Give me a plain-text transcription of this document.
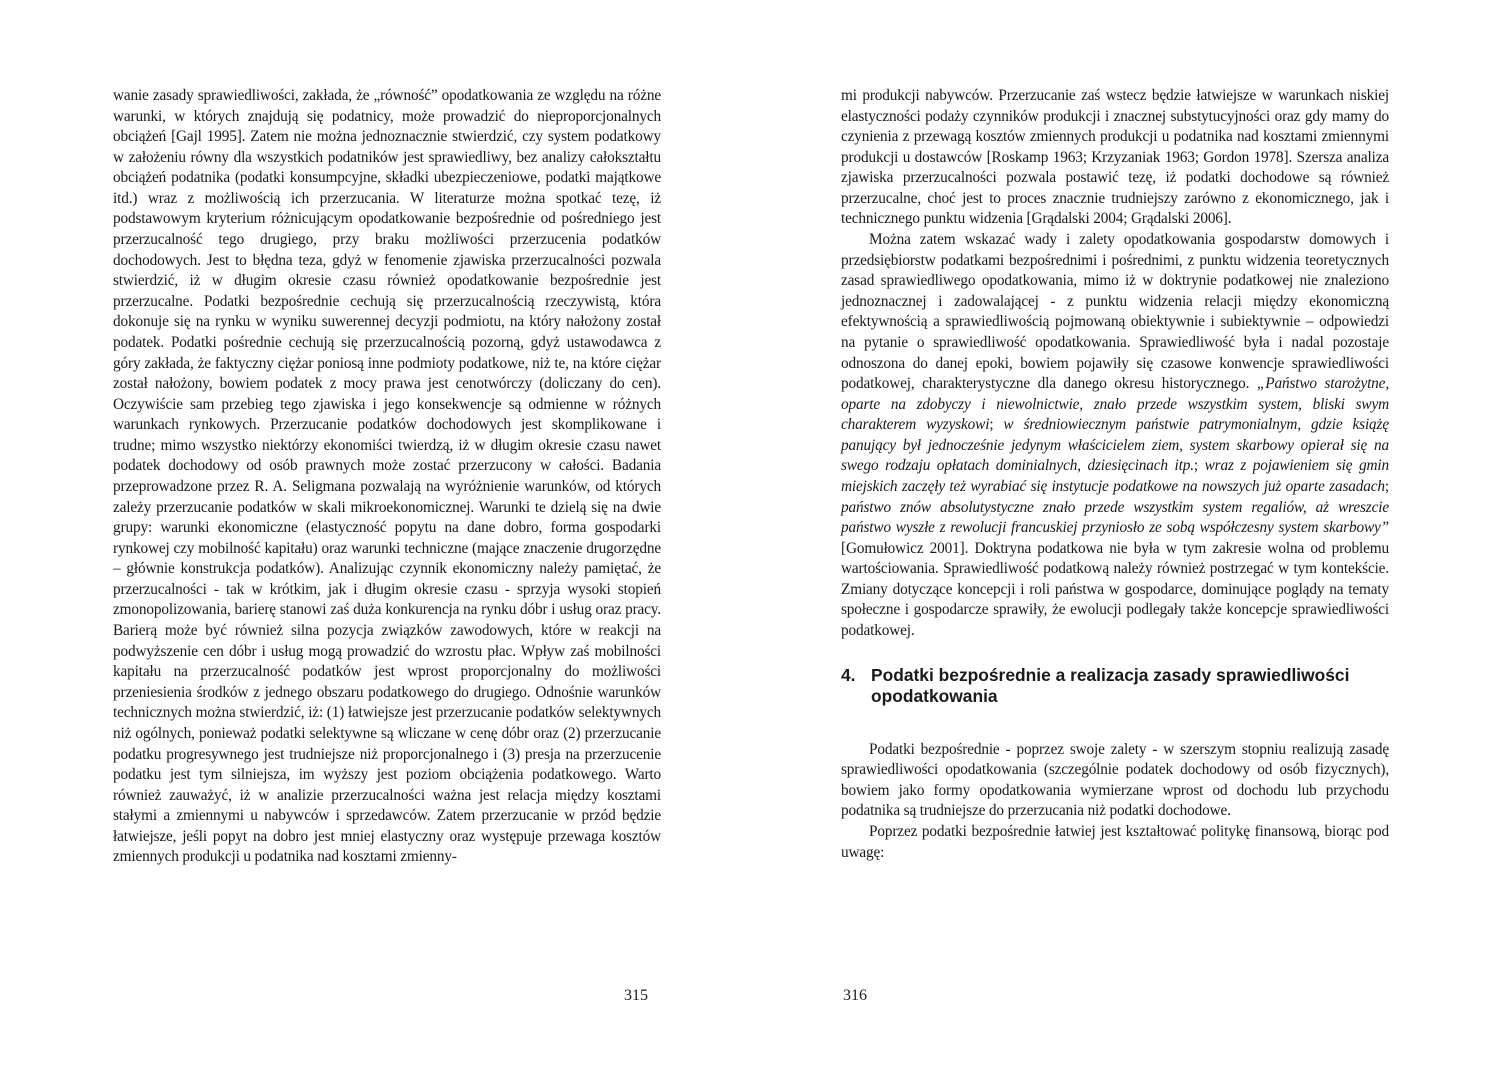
wanie zasady sprawiedliwości, zakłada, że „równość” opodatkowania ze względu na różne warunki, w których znajdują się podatnicy, może prowadzić do nieproporcjonalnych obciążeń [Gajl 1995]. Zatem nie można jednoznacznie stwierdzić, czy system podatkowy w założeniu równy dla wszystkich podatników jest sprawiedliwy, bez analizy całokształtu obciążeń podatnika (podatki konsumpcyjne, składki ubezpieczeniowe, podatki majątkowe itd.) wraz z możliwością ich przerzucania. W literaturze można spotkać tezę, iż podstawowym kryterium różnicującym opodatkowanie bezpośrednie od pośredniego jest przerzucalność tego drugiego, przy braku możliwości przerzucenia podatków dochodowych. Jest to błędna teza, gdyż w fenomenie zjawiska przerzucalności pozwala stwierdzić, iż w długim okresie czasu również opodatkowanie bezpośrednie jest przerzucalne. Podatki bezpośrednie cechują się przerzucalnością rzeczywistą, która dokonuje się na rynku w wyniku suwerennej decyzji podmiotu, na który nałożony został podatek. Podatki pośrednie cechują się przerzucalnością pozorną, gdyż ustawodawca z góry zakłada, że faktyczny ciężar poniosą inne podmioty podatkowe, niż te, na które ciężar został nałożony, bowiem podatek z mocy prawa jest cenotwórczy (doliczany do cen). Oczywiście sam przebieg tego zjawiska i jego konsekwencje są odmienne w różnych warunkach rynkowych. Przerzucanie podatków dochodowych jest skomplikowane i trudne; mimo wszystko niektórzy ekonomiści twierdzą, iż w długim okresie czasu nawet podatek dochodowy od osób prawnych może zostać przerzucony w całości. Badania przeprowadzone przez R. A. Seligmana pozwalają na wyróżnienie warunków, od których zależy przerzucanie podatków w skali mikroekonomicznej. Warunki te dzielą się na dwie grupy: warunki ekonomiczne (elastyczność popytu na dane dobro, forma gospodarki rynkowej czy mobilność kapitału) oraz warunki techniczne (mające znaczenie drugorzędne – głównie konstrukcja podatków). Analizując czynnik ekonomiczny należy pamiętać, że przerzucalności - tak w krótkim, jak i długim okresie czasu - sprzyja wysoki stopień zmonopolizowania, barierę stanowi zaś duża konkurencja na rynku dóbr i usług oraz pracy. Barierą może być również silna pozycja związków zawodowych, które w reakcji na podwyższenie cen dóbr i usług mogą prowadzić do wzrostu płac. Wpływ zaś mobilności kapitału na przerzucalność podatków jest wprost proporcjonalny do możliwości przeniesienia środków z jednego obszaru podatkowego do drugiego. Odnośnie warunków technicznych można stwierdzić, iż: (1) łatwiejsze jest przerzucanie podatków selektywnych niż ogólnych, ponieważ podatki selektywne są wliczane w cenę dóbr oraz (2) przerzucanie podatku progresywnego jest trudniejsze niż proporcjonalnego i (3) presja na przerzucenie podatku jest tym silniejsza, im wyższy jest poziom obciążenia podatkowego. Warto również zauważyć, iż w analizie przerzucalności ważna jest relacja między kosztami stałymi a zmiennymi u nabywców i sprzedawców. Zatem przerzucanie w przód będzie łatwiejsze, jeśli popyt na dobro jest mniej elastyczny oraz występuje przewaga kosztów zmiennych produkcji u podatnika nad kosztami zmienny-

315

mi produkcji nabywców. Przerzucanie zaś wstecz będzie łatwiejsze w warunkach niskiej elastyczności podaży czynników produkcji i znacznej substytucyjności oraz gdy mamy do czynienia z przewagą kosztów zmiennych produkcji u podatnika nad kosztami zmiennymi produkcji u dostawców [Roskamp 1963; Krzyzaniak 1963; Gordon 1978]. Szersza analiza zjawiska przerzucalności pozwala postawić tezę, iż podatki dochodowe są również przerzucalne, choć jest to proces znacznie trudniejszy zarówno z ekonomicznego, jak i technicznego punktu widzenia [Grądalski 2004; Grądalski 2006].

Można zatem wskazać wady i zalety opodatkowania gospodarstw domowych i przedsiębiorstw podatkami bezpośrednimi i pośrednimi, z punktu widzenia teoretycznych zasad sprawiedliwego opodatkowania, mimo iż w doktrynie podatkowej nie znaleziono jednoznacznej i zadowalającej - z punktu widzenia relacji między ekonomiczną efektywnością a sprawiedliwością pojmowaną obiektywnie i subiektywnie – odpowiedzi na pytanie o sprawiedliwość opodatkowania. Sprawiedliwość była i nadal pozostaje odnoszona do danej epoki, bowiem pojawiły się czasowe konwencje sprawiedliwości podatkowej, charakterystyczne dla danego okresu historycznego. „Państwo starożytne, oparte na zdobyczy i niewolnictwie, znało przede wszystkim system, bliski swym charakterem wyzyskowi; w średniowiecznym państwie patrymonialnym, gdzie książę panujący był jednocześnie jedynym właścicielem ziem, system skarbowy opierał się na swego rodzaju opłatach dominialnych, dziesięcinach itp.; wraz z pojawieniem się gmin miejskich zaczęły też wyrabiać się instytucje podatkowe na nowszych już oparte zasadach; państwo znów absolutystyczne znało przede wszystkim system regaliów, aż wreszcie państwo wyszłe z rewolucji francuskiej przyniosło ze sobą współczesny system skarbowy” [Gomułowicz 2001]. Doktryna podatkowa nie była w tym zakresie wolna od problemu wartościowania. Sprawiedliwość podatkową należy również postrzegać w tym kontekście. Zmiany dotyczące koncepcji i roli państwa w gospodarce, dominujące poglądy na tematy społeczne i gospodarcze sprawiły, że ewolucji podlegały także koncepcje sprawiedliwości podatkowej.

4. Podatki bezpośrednie a realizacja zasady sprawiedliwości opodatkowania

Podatki bezpośrednie - poprzez swoje zalety - w szerszym stopniu realizują zasadę sprawiedliwości opodatkowania (szczególnie podatek dochodowy od osób fizycznych), bowiem jako formy opodatkowania wymierzane wprost od dochodu lub przychodu podatnika są trudniejsze do przerzucania niż podatki dochodowe.

Poprzez podatki bezpośrednie łatwiej jest kształtować politykę finansową, biorąc pod uwagę:

316
